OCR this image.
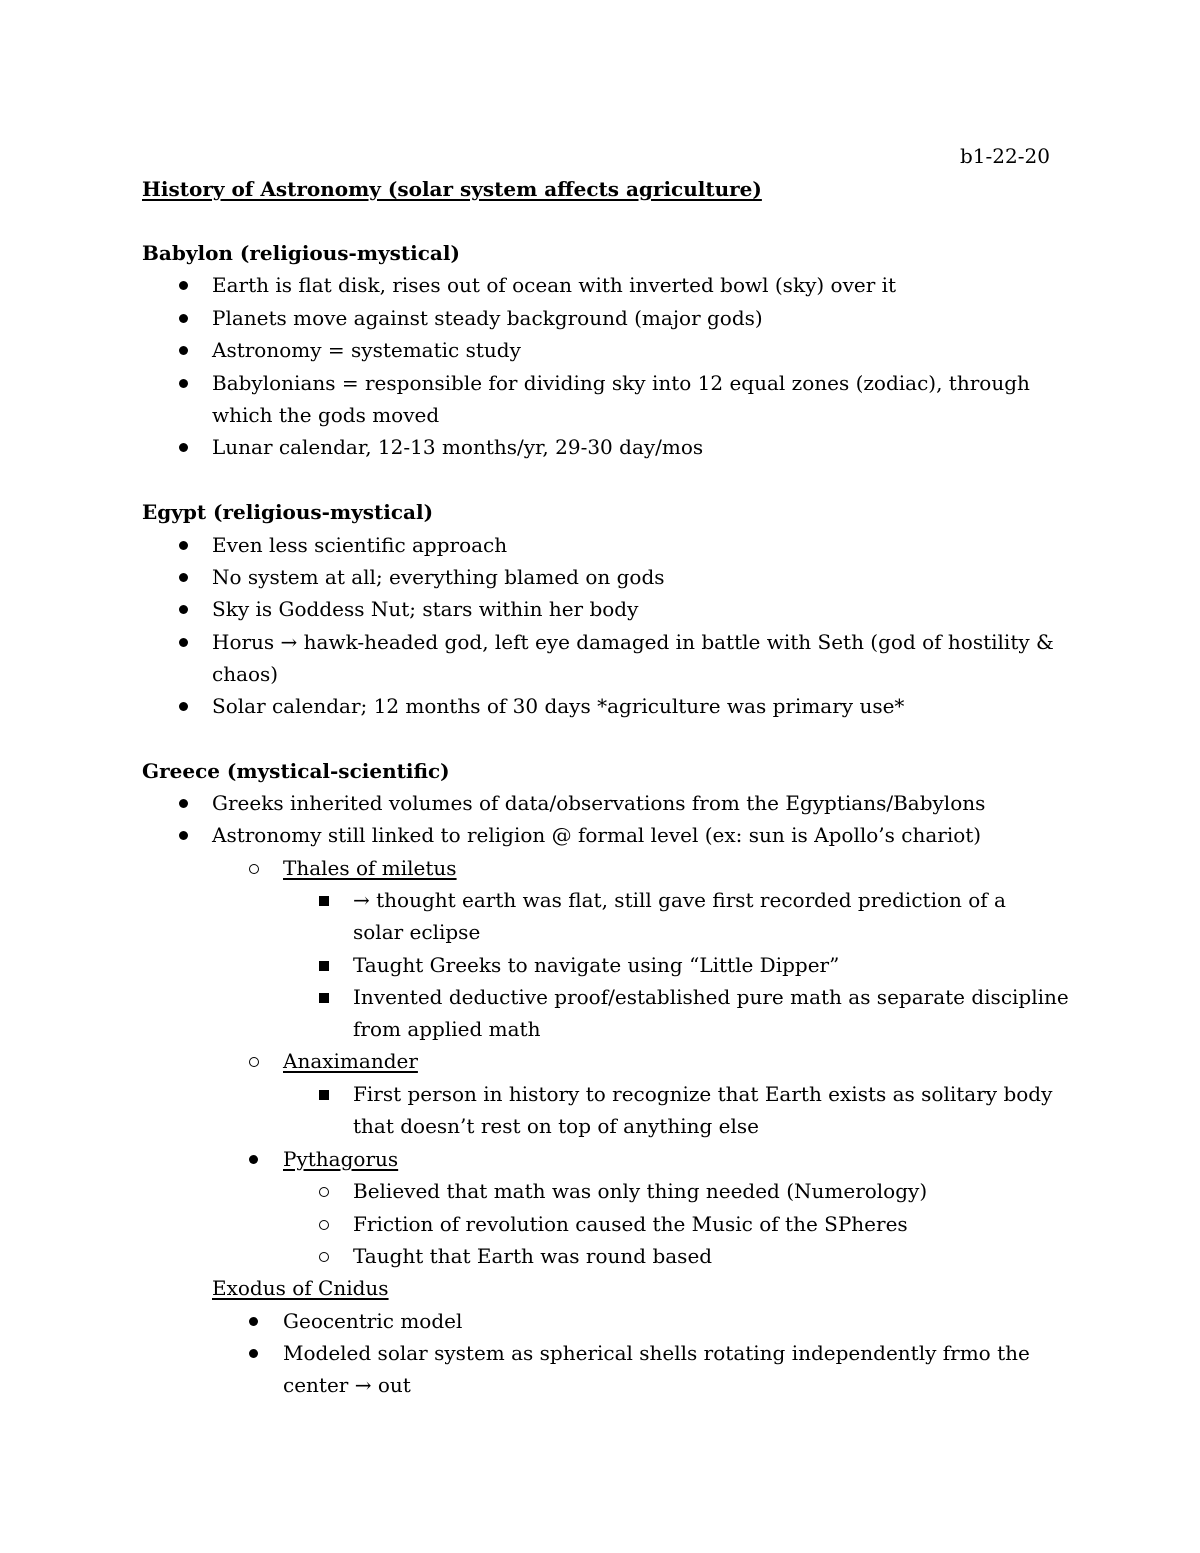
b1-22-20
History of Astronomy (solar system affects agriculture)
Babylon (religious-mystical)
Earth is flat disk, rises out of ocean with inverted bowl (sky) over it
Planets move against steady background (major gods)
Astronomy = systematic study
Babylonians = responsible for dividing sky into 12 equal zones (zodiac), through
which the gods moved
Lunar calendar, 12-13 months/yr, 29-30 day/mos
Egypt (religious-mystical)
Even less scientific approach
No system at all; everything blamed on gods
Sky is Goddess Nut; stars within her body
Horus → hawk-headed god, left eye damaged in battle with Seth (god of hostility &
chaos)
Solar calendar; 12 months of 30 days *agriculture was primary use*
Greece (mystical-scientific)
Greeks inherited volumes of data/observations from the Egyptians/Babylons
Astronomy still linked to religion @ formal level (ex: sun is Apollo’s chariot)
Thales of miletus
→ thought earth was flat, still gave first recorded prediction of a
solar eclipse
Taught Greeks to navigate using “Little Dipper”
Invented deductive proof/established pure math as separate discipline
from applied math
Anaximander
First person in history to recognize that Earth exists as solitary body
that doesn’t rest on top of anything else
Pythagorus
Believed that math was only thing needed (Numerology)
Friction of revolution caused the Music of the SPheres
Taught that Earth was round based
Exodus of Cnidus
Geocentric model
Modeled solar system as spherical shells rotating independently frmo the
center → out
